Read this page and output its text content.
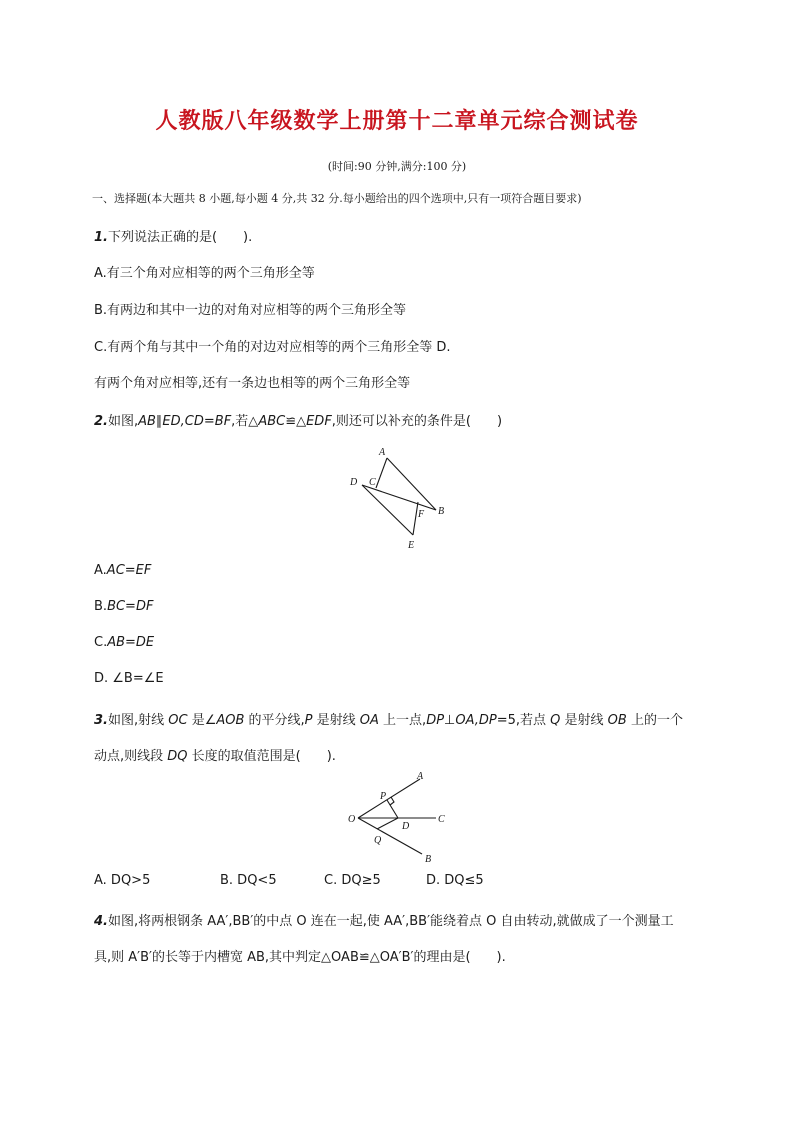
人教版八年级数学上册第十二章单元综合测试卷
(时间:90 分钟,满分:100 分)
一、选择题(本大题共 8 小题,每小题 4 分,共 32 分.每小题给出的四个选项中,只有一项符合题目要求)
1.下列说法正确的是(　　).
A.有三个角对应相等的两个三角形全等
B.有两边和其中一边的对角对应相等的两个三角形全等
C.有两个角与其中一个角的对边对应相等的两个三角形全等 D.
有两个角对应相等,还有一条边也相等的两个三角形全等
2.如图,AB∥ED,CD=BF,若△ABC≌△EDF,则还可以补充的条件是(　　)
A
D C
B
F
E
A.AC=EF
B.BC=DF
C.AB=DE
D. ∠B=∠E
3.如图,射线 OC 是∠AOB 的平分线,P 是射线 OA 上一点,DP⊥OA,DP=5,若点 Q 是射线 OB 上的一个
动点,则线段 DQ 长度的取值范围是(　　).
O
A
C
B
P
D
Q
A. DQ>5	B. DQ<5	C. DQ≥5	D. DQ≤5
4.如图,将两根钢条 AA′,BB′的中点 O 连在一起,使 AA′,BB′能绕着点 O 自由转动,就做成了一个测量工
具,则 A′B′的长等于内槽宽 AB,其中判定△OAB≌△OA′B′的理由是(　　).
